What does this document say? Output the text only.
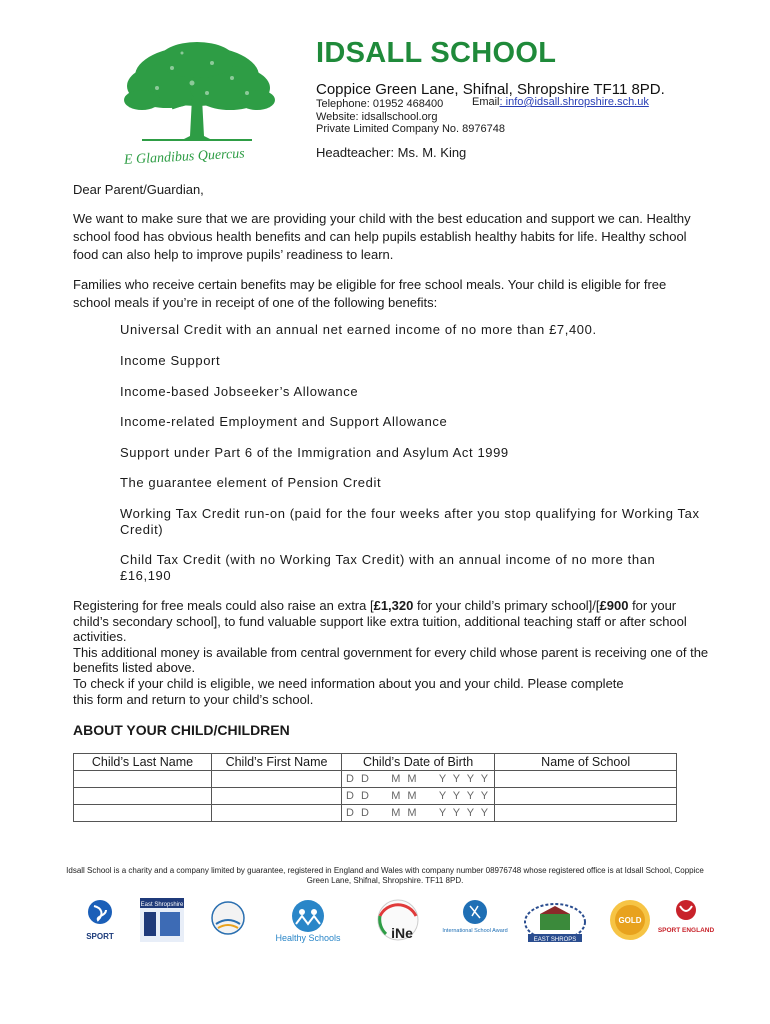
E Glandibus Quercus
IDSALL SCHOOL
Coppice Green Lane, Shifnal, Shropshire TF11 8PD.
Telephone: 01952 468400	Email: info@idsall.shropshire.sch.uk
Website: idsallschool.org
Private Limited Company No. 8976748
Headteacher: Ms. M. King
Dear Parent/Guardian,
We want to make sure that we are providing your child with the best education and support we can. Healthy school food has obvious health benefits and can help pupils establish healthy habits for life. Healthy school food can also help to improve pupils’ readiness to learn.
Families who receive certain benefits may be eligible for free school meals. Your child is eligible for free school meals if you’re in receipt of one of the following benefits:
Universal Credit with an annual net earned income of no more than £7,400.
Income Support
Income-based Jobseeker’s Allowance
Income-related Employment and Support Allowance
Support under Part 6 of the Immigration and Asylum Act 1999
The guarantee element of Pension Credit
Working Tax Credit run-on (paid for the four weeks after you stop qualifying for Working Tax Credit)
Child Tax Credit (with no Working Tax Credit) with an annual income of no more than £16,190
Registering for free meals could also raise an extra [£1,320 for your child’s primary school]/[£900 for your child’s secondary school], to fund valuable support like extra tuition, additional teaching staff or after school activities.
This additional money is available from central government for every child whose parent is receiving one of the benefits listed above.
To check if your child is eligible, we need information about you and your child. Please complete
this form and return to your child’s school.
ABOUT YOUR CHILD/CHILDREN
Child’s Last Name	Child’s First Name	Child’s Date of Birth	Name of School
		D D M M Y Y Y Y	
		D D M M Y Y Y Y	
		D D M M Y Y Y Y	
Idsall School is a charity and a company limited by guarantee, registered in England and Wales with company number 08976748 whose registered office is at Idsall School, Coppice Green Lane, Shifnal, Shropshire. TF11 8PD.
SPORT
East Shropshire
Healthy Schools	iNe	International School Award
EAST SHROPS
GOLD
SPORT ENGLAND
